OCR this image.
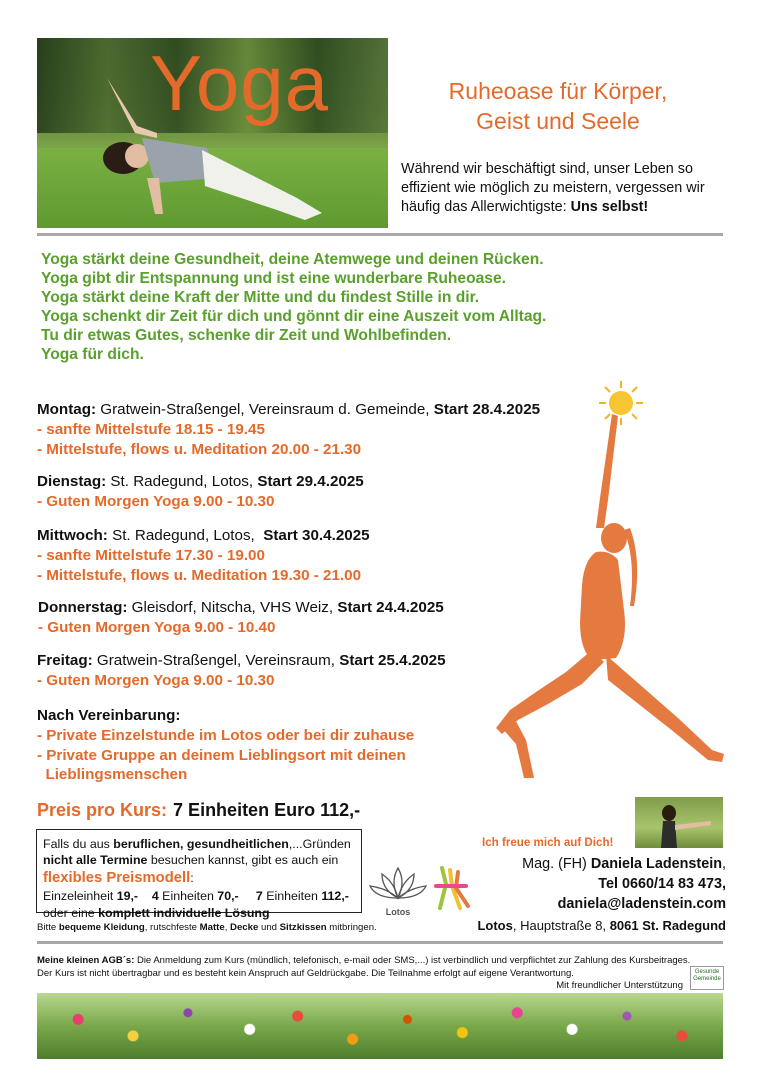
Yoga	Ruheoase für Körper,
Geist und Seele
Während wir beschäftigt sind, unser Leben so effizient wie möglich zu meistern, vergessen wir häufig das Allerwichtigste: Uns selbst!
Yoga stärkt deine Gesundheit, deine Atemwege und deinen Rücken.
Yoga gibt dir Entspannung und ist eine wunderbare Ruheoase.
Yoga stärkt deine Kraft der Mitte und du findest Stille in dir.
Yoga schenkt dir Zeit für dich und gönnt dir eine Auszeit vom Alltag.
Tu dir etwas Gutes, schenke dir Zeit und Wohlbefinden.
Yoga für dich.
Montag: Gratwein-Straßengel, Vereinsraum d. Gemeinde, Start 28.4.2025
- sanfte Mittelstufe 18.15 - 19.45
- Mittelstufe, flows u. Meditation 20.00 - 21.30
Dienstag: St. Radegund, Lotos, Start 29.4.2025
- Guten Morgen Yoga 9.00 - 10.30
Mittwoch: St. Radegund, Lotos,  Start 30.4.2025
- sanfte Mittelstufe 17.30 - 19.00
- Mittelstufe, flows u. Meditation 19.30 - 21.00
Donnerstag: Gleisdorf, Nitscha, VHS Weiz, Start 24.4.2025
- Guten Morgen Yoga 9.00 - 10.40
Freitag: Gratwein-Straßengel, Vereinsraum, Start 25.4.2025
- Guten Morgen Yoga 9.00 - 10.30
Nach Vereinbarung:
- Private Einzelstunde im Lotos oder bei dir zuhause
- Private Gruppe an deinem Lieblingsort mit deinen
Lieblingsmenschen
Preis pro Kurs: 7 Einheiten Euro 112,-
Falls du aus beruflichen, gesundheitlichen,...Gründen
nicht alle Termine besuchen kannst, gibt es auch ein
flexibles Preismodell:
Einzeleinheit 19,-    4 Einheiten 70,-     7 Einheiten 112,-
oder eine komplett individuelle Lösung
Bitte bequeme Kleidung, rutschfeste Matte, Decke und Sitzkissen mitbringen.
Lotos
Ich freue mich auf Dich!
Mag. (FH) Daniela Ladenstein,
Tel 0660/14 83 473,
daniela@ladenstein.com
Lotos, Hauptstraße 8, 8061 St. Radegund
Meine kleinen AGB´s: Die Anmeldung zum Kurs (mündlich, telefonisch, e-mail oder SMS,...) ist verbindlich und verpflichtet zur Zahlung des Kursbeitrages.
Der Kurs ist nicht übertragbar und es besteht kein Anspruch auf Geldrückgabe. Die Teilnahme erfolgt auf eigene Verantwortung.
Mit freundlicher Unterstützung
Gesunde
Gemeinde
